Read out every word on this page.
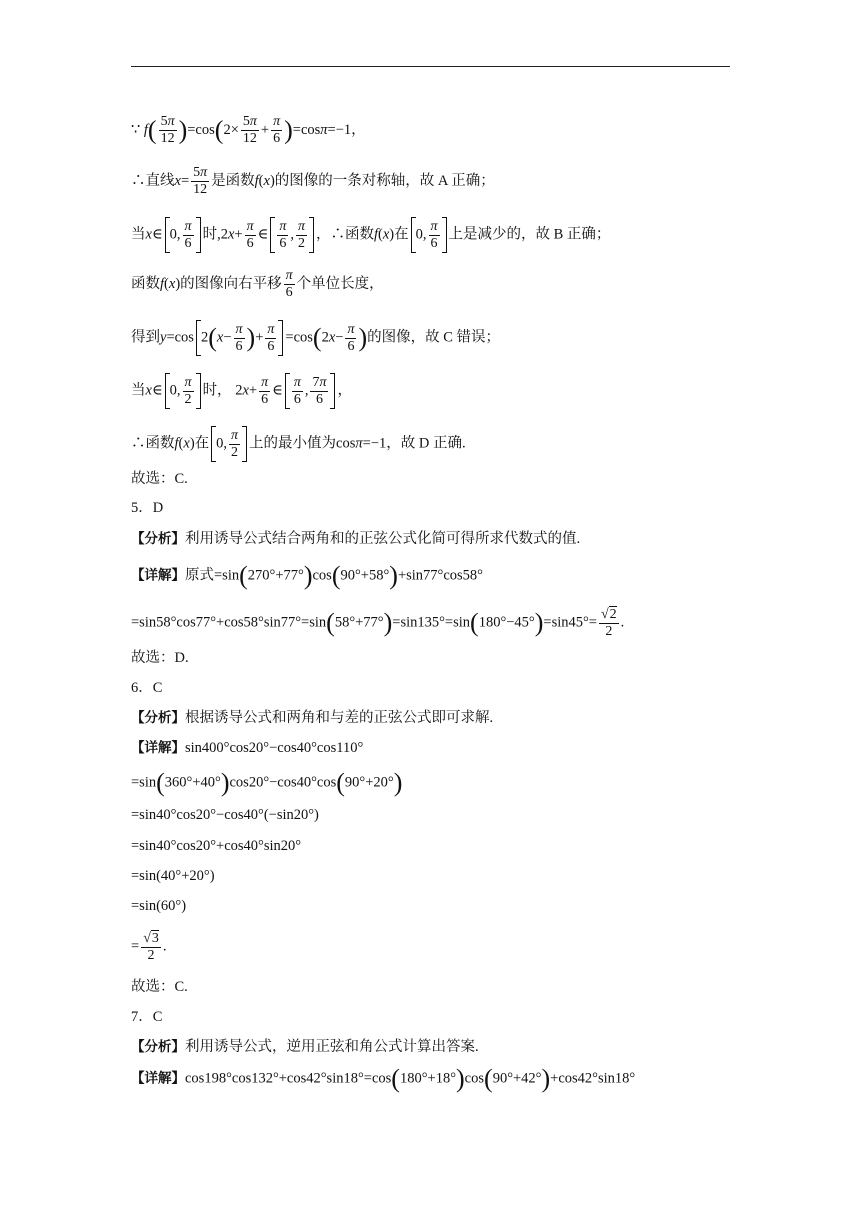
∵ $f( \frac{5\pi}{12} )=\cos(2\times \frac{5\pi}{12} + \frac{\pi}{6} )=\cos\pi=-1$，
∴直线$x= \frac{5\pi}{12}$ 是函数f(x)的图像的一条对称轴，故 A 正确；
当x∈ 0, $\frac{\pi}{6}$ 时$,2x+ \frac{\pi}{6}$ ∈ $\frac{\pi}{6}$ , $\frac{\pi}{2}$ ，∴函数f(x)在 0, $\frac{\pi}{6}$ 上是减少的，故 B 正确；
函数f(x)的图像向右平移 $\frac{\pi}{6}$ 个单位长度，
得到y=cos $2(x- \frac{\pi}{6}$ )+ $\frac{\pi}{6} =\cos(2x- \frac{\pi}{6}$ )的图像，故 C 错误；
当x∈ 0, $\frac{\pi}{2}$ 时， $2x+ \frac{\pi}{6}$ ∈ $\frac{\pi}{6}$ , $\frac{7\pi}{6}$ ，
∴函数f(x)在 0, $\frac{\pi}{2}$ 上的最小值为cosπ=−1，故 D 正确.
故选：C.
5．D
【分析】利用诱导公式结合两角和的正弦公式化简可得所求代数式的值.
【详解】原式=sin(270°+77°)cos(90°+58°)+sin77°cos58°
$=\sin 58^\circ\cos 77^\circ+\cos 58^\circ\sin 77^\circ=\sin(58^\circ+77^\circ)=\sin 135^\circ=\sin(180^\circ-45^\circ)=\sin 45^\circ= \frac{√2}{2}$ .
故选：D.
6．C
【分析】根据诱导公式和两角和与差的正弦公式即可求解.
【详解】sin400°cos20°−cos40°cos110°
=sin(360°+40°)cos20°−cos40°cos(90°+20°)
=sin40°cos20°−cos40°(−sin20°)
=sin40°cos20°+cos40°sin20°
=sin(40°+20°)
=sin(60°)
= $\frac{√3}{2}$ .
故选：C.
7．C
【分析】利用诱导公式，逆用正弦和角公式计算出答案.
【详解】cos198°cos132°+cos42°sin18°=cos(180°+18°)cos(90°+42°)+cos42°sin18°
